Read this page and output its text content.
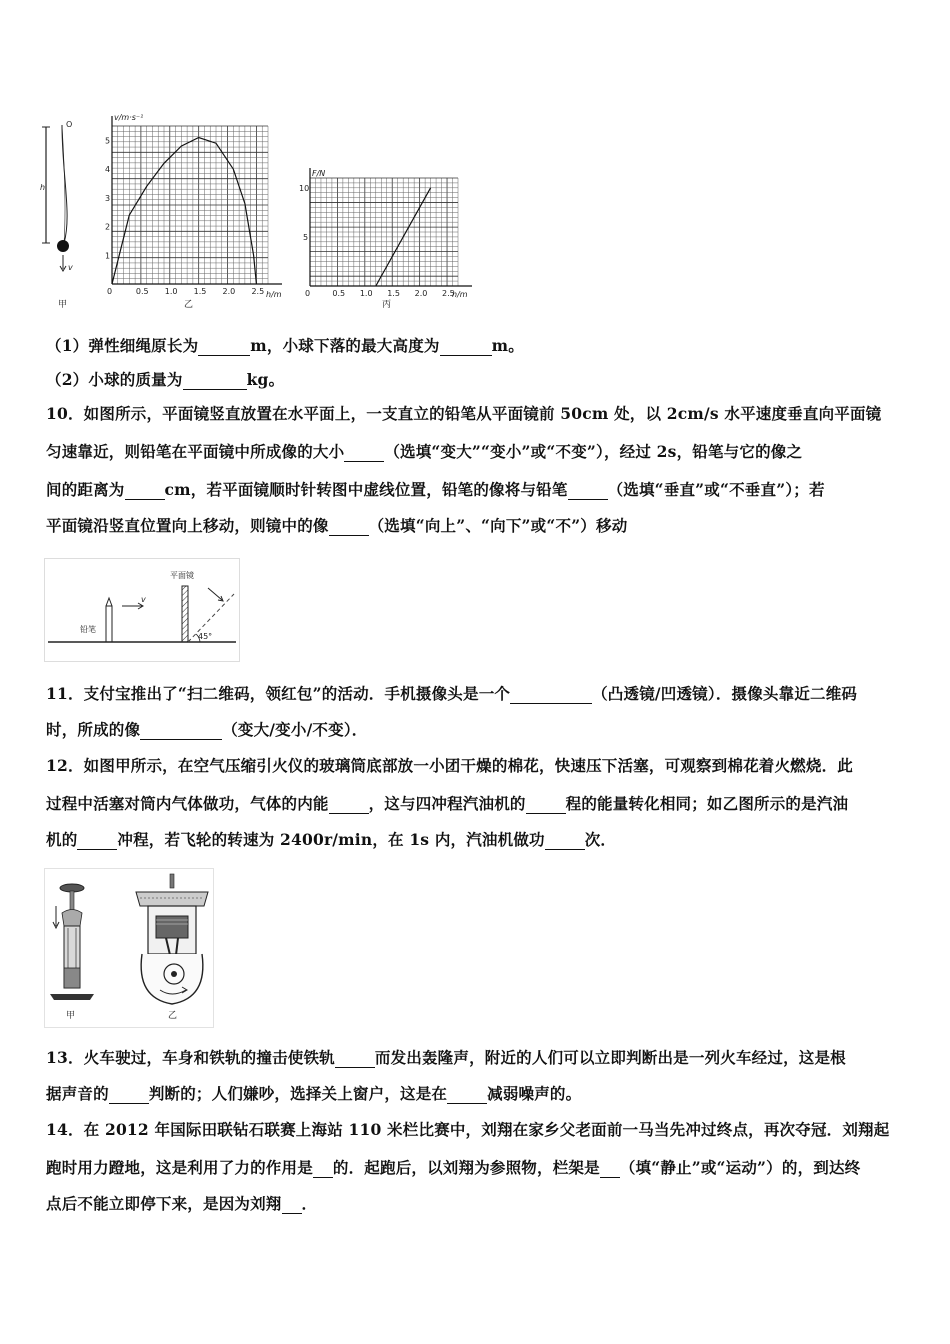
h
O
v
甲
0	0.5 1.0 1.5 2.0 2.5
1
2
3
4
5
v/m·s⁻¹
h/m
乙
0	0.5 1.0 1.5 2.0 2.5
5
10
F/N
h/m
丙
（1）弹性细绳原长为	m，小球下落的最大高度为	m。
（2）小球的质量为	kg。
10．如图所示，平面镜竖直放置在水平面上，一支直立的铅笔从平面镜前 50cm 处，以 2cm/s 水平速度垂直向平面镜
匀速靠近，则铅笔在平面镜中所成像的大小	（选填“变大”“变小”或“不变”），经过 2s，铅笔与它的像之
间的距离为	cm，若平面镜顺时针转图中虚线位置，铅笔的像将与铅笔	（选填“垂直”或“不垂直”）；若
平面镜沿竖直位置向上移动，则镜中的像	（选填“向上”、“向下”或“不”）移动
铅笔
v
平面镜
45°
11．支付宝推出了“扫二维码，领红包”的活动．手机摄像头是一个	（凸透镜/凹透镜）．摄像头靠近二维码
时，所成的像	（变大/变小/不变）．
12．如图甲所示，在空气压缩引火仪的玻璃筒底部放一小团干燥的棉花，快速压下活塞，可观察到棉花着火燃烧．此
过程中活塞对筒内气体做功，气体的内能	，这与四冲程汽油机的	程的能量转化相同；如乙图所示的是汽油
机的	冲程，若飞轮的转速为 2400r/min，在 1s 内，汽油机做功	次．
甲	乙
13．火车驶过，车身和铁轨的撞击使铁轨	而发出轰隆声，附近的人们可以立即判断出是一列火车经过，这是根
据声音的	判断的；人们嫌吵，选择关上窗户，这是在	减弱噪声的。
14．在 2012 年国际田联钻石联赛上海站 110 米栏比赛中，刘翔在家乡父老面前一马当先冲过终点，再次夺冠．刘翔起
跑时用力蹬地，这是利用了力的作用是 的．起跑后，以刘翔为参照物，栏架是 （填“静止”或“运动”）的，到达终
点后不能立即停下来，是因为刘翔 ．
